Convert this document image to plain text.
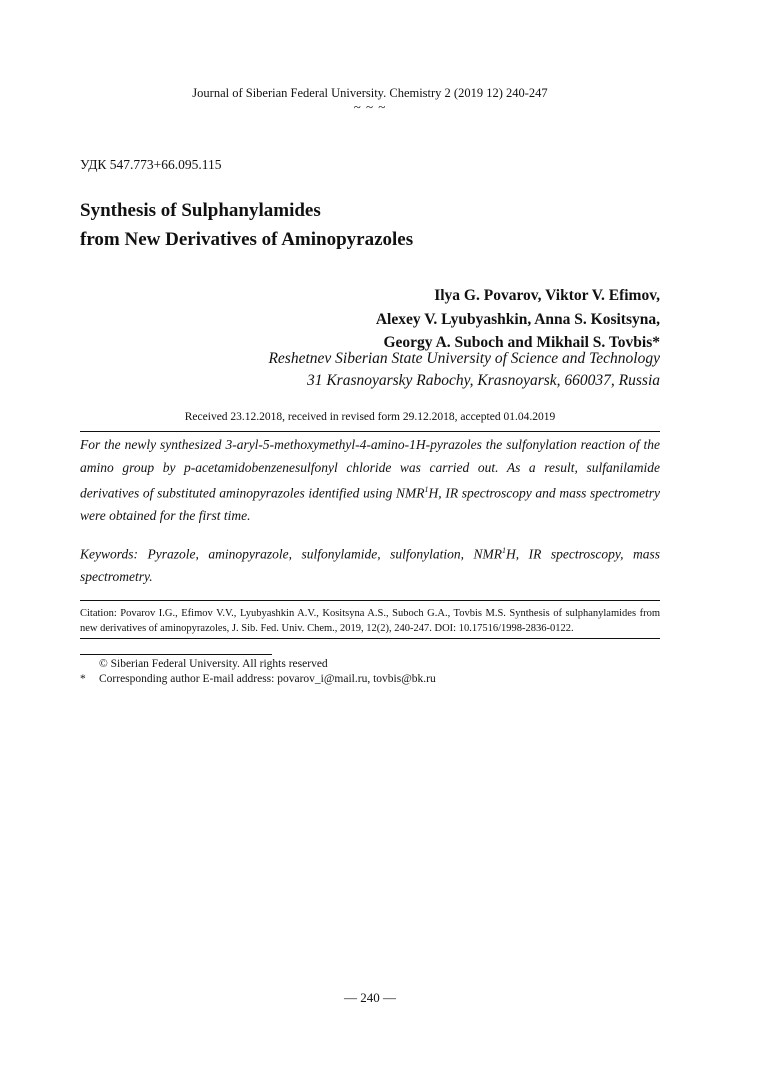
Journal of Siberian Federal University. Chemistry 2 (2019 12) 240-247
~ ~ ~
УДК 547.773+66.095.115
Synthesis of Sulphanylamides
from New Derivatives of Aminopyrazoles
Ilya G. Povarov, Viktor V. Efimov,
Alexey V. Lyubyashkin, Anna S. Kositsyna,
Georgy A. Suboch and Mikhail S. Tovbis*
Reshetnev Siberian State University of Science and Technology
31 Krasnoyarsky Rabochy, Krasnoyarsk, 660037, Russia
Received 23.12.2018, received in revised form 29.12.2018, accepted 01.04.2019

For the newly synthesized 3-aryl-5-methoxymethyl-4-amino-1H-pyrazoles the sulfonylation reaction of the amino group by p-acetamidobenzenesulfonyl chloride was carried out. As a result, sulfanilamide derivatives of substituted aminopyrazoles identified using NMR$^1$H, IR spectroscopy and mass spectrometry were obtained for the first time.

Keywords: Pyrazole, aminopyrazole, sulfonylamide, sulfonylation, NMR$^1$H, IR spectroscopy, mass spectrometry.

Citation: Povarov I.G., Efimov V.V., Lyubyashkin A.V., Kositsyna A.S., Suboch G.A., Tovbis M.S. Synthesis of sulphanylamides from new derivatives of aminopyrazoles, J. Sib. Fed. Univ. Chem., 2019, 12(2), 240-247. DOI: 10.17516/1998-2836-0122.

© Siberian Federal University. All rights reserved
*	Corresponding author E-mail address: povarov_i@mail.ru, tovbis@bk.ru
— 240 —
